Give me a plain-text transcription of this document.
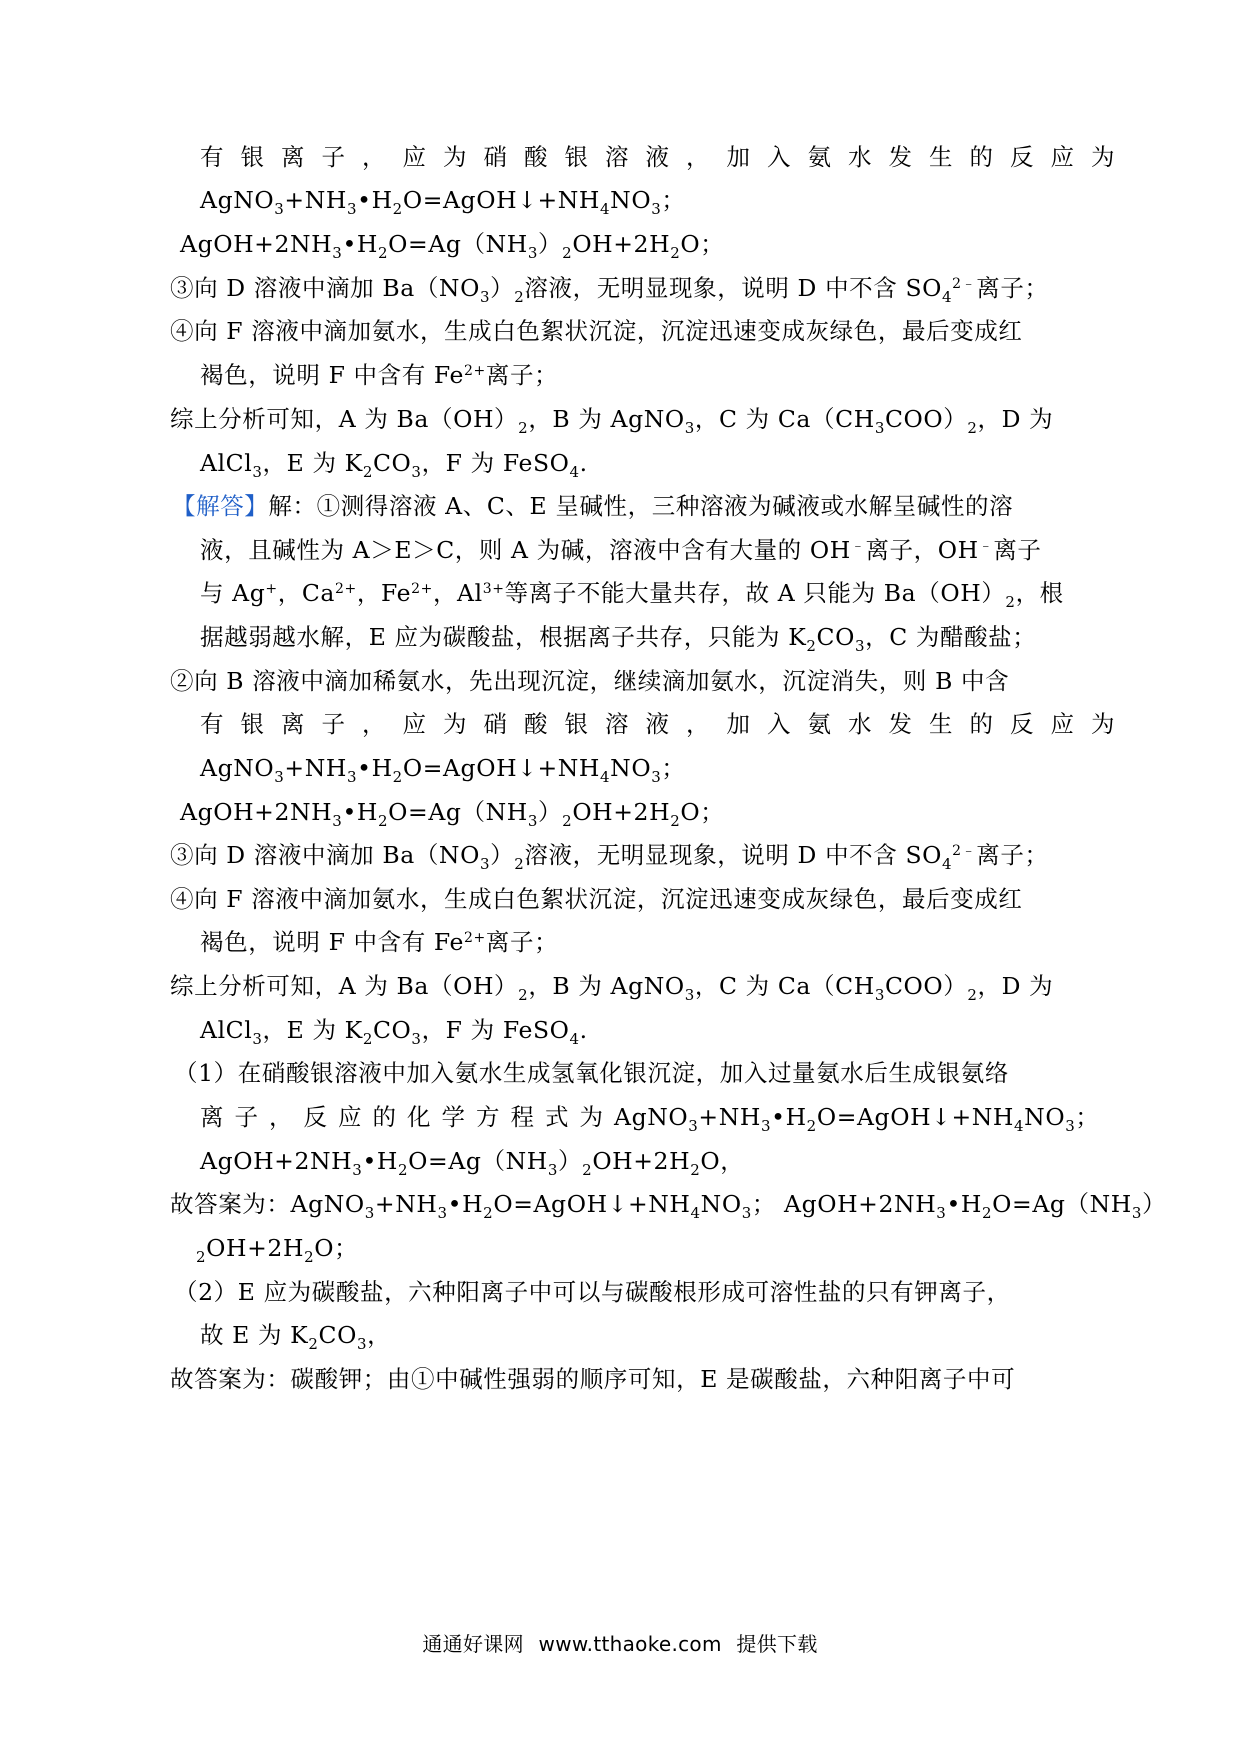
有银离子，应为硝酸银溶液，加入氨水发生的反应为
$AgNO_3+NH_3•H_2O=AgOH↓+NH_4NO_3$；
$AgOH+2NH_3•H_2O=Ag(NH_3)_2OH+2H_2O$；
③向 D 溶液中滴加 $Ba(NO_3)_2$溶液，无明显现象，说明 D 中不含 $SO_4^{2﹣}$离子；
④向 F 溶液中滴加氨水，生成白色絮状沉淀，沉淀迅速变成灰绿色，最后变成红
褐色，说明 F 中含有 $Fe^{2+}$离子；
综上分析可知，A 为 $Ba(OH)_2$，B 为 AgNO$_3$，C 为 $Ca(CH_3COO)_2$，D 为
AlCl$_3$，E 为 $K_2CO_3$，F 为 FeSO$_4$.
【解答】解：①测得溶液 A、C、E 呈碱性，三种溶液为碱液或水解呈碱性的溶
液，且碱性为 A＞E＞C，则 A 为碱，溶液中含有大量的 OH﹣离子，OH﹣离子
与 Ag+，$Ca^{2+}$，$Fe^{2+}$，$Al^{3+}$等离子不能大量共存，故 A 只能为 $Ba(OH)_2$，根
据越弱越水解，E 应为碳酸盐，根据离子共存，只能为 $K_2CO_3$，C 为醋酸盐；
②向 B 溶液中滴加稀氨水，先出现沉淀，继续滴加氨水，沉淀消失，则 B 中含
有银离子，应为硝酸银溶液，加入氨水发生的反应为
$AgNO_3+NH_3•H_2O=AgOH↓+NH_4NO_3$；
$AgOH+2NH_3•H_2O=Ag(NH_3)_2OH+2H_2O$；
③向 D 溶液中滴加 $Ba(NO_3)_2$溶液，无明显现象，说明 D 中不含 $SO_4^{2﹣}$离子；
④向 F 溶液中滴加氨水，生成白色絮状沉淀，沉淀迅速变成灰绿色，最后变成红
褐色，说明 F 中含有 $Fe^{2+}$离子；
综上分析可知，A 为 $Ba(OH)_2$，B 为 AgNO$_3$，C 为 $Ca(CH_3COO)_2$，D 为
AlCl$_3$，E 为 $K_2CO_3$，F 为 FeSO$_4$.
（1）在硝酸银溶液中加入氨水生成氢氧化银沉淀，加入过量氨水后生成银氨络
离子，反应的化学方程式为$AgNO_3+NH_3•H_2O=AgOH↓+NH_4NO_3$；
$AgOH+2NH_3•H_2O=Ag(NH_3)_2OH+2H_2O$，
故答案为：$AgNO_3+NH_3•H_2O=AgOH↓+NH_4NO_3$； $AgOH+2NH_3•H_2O=Ag(NH_3)$
$_2OH+2H_2O$；
（2）E 应为碳酸盐，六种阳离子中可以与碳酸根形成可溶性盐的只有钾离子，
故 E 为 $K_2CO_3$，
故答案为：碳酸钾；由①中碱性强弱的顺序可知，E 是碳酸盐，六种阳离子中可
通通好课网 www.tthaoke.com 提供下载
